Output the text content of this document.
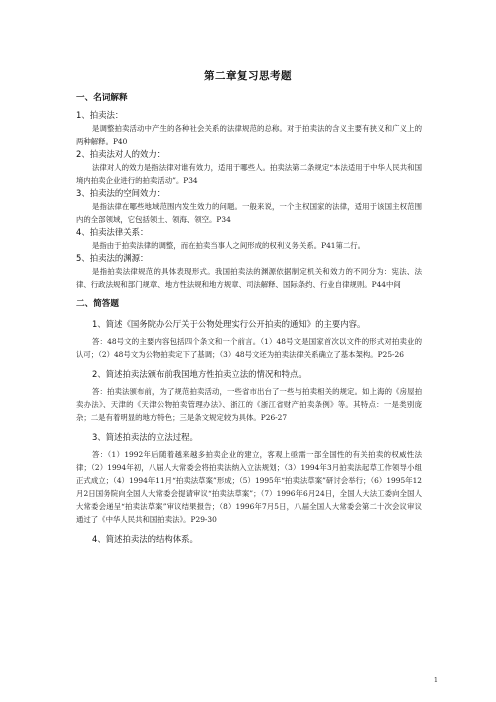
第二章复习思考题
一、名词解释
1、拍卖法：
是调整拍卖活动中产生的各种社会关系的法律规范的总称。对于拍卖法的含义主要有狭义和广义上的两种解释。P40
2、拍卖法对人的效力：
法律对人的效力是指法律对谁有效力，适用于哪些人。拍卖法第二条规定“本法适用于中华人民共和国境内拍卖企业进行的拍卖活动”。P34
3、拍卖法的空间效力：
是指法律在哪些地域范围内发生效力的问题。一般来说，一个主权国家的法律，适用于该国主权范围内的全部领域，它包括领土、领海、领空。P34
4、拍卖法律关系：
是指由于拍卖法律的调整，而在拍卖当事人之间形成的权利义务关系。P41第二行。
5、拍卖法的渊源：
是指拍卖法律规范的具体表现形式。我国拍卖法的渊源依据制定机关和效力的不同分为：宪法、法律、行政法规和部门规章、地方性法规和地方规章、司法解释、国际条约、行业自律规则。P44中间
二、简答题
1、简述《国务院办公厅关于公物处理实行公开拍卖的通知》的主要内容。
答：48号文的主要内容包括四个条文和一个前言。（1）48号文是国家首次以文件的形式对拍卖业的认可；（2）48号文为公物拍卖定下了基调；（3）48号文还为拍卖法律关系确立了基本架构。P25-26
2、简述拍卖法颁布前我国地方性拍卖立法的情况和特点。
答：拍卖法颁布前，为了规范拍卖活动，一些省市出台了一些与拍卖相关的规定。如上海的《房屋拍卖办法》、天津的《天津公物拍卖管理办法》、浙江的《浙江省财产拍卖条例》等。其特点：一是类别庞杂；二是有着明显的地方特色；三是条文规定较为具体。P26-27
3、简述拍卖法的立法过程。
答：（1）1992年后随着越来越多拍卖企业的建立，客观上亟需一部全国性的有关拍卖的权威性法律；（2）1994年初，八届人大常委会将拍卖法纳入立法规划；（3）1994年3月拍卖法起草工作领导小组正式成立；（4）1994年11月“拍卖法草案”形成；（5）1995年“拍卖法草案”研讨会举行；（6）1995年12月2日国务院向全国人大常委会提请审议“拍卖法草案”；（7）1996年6月24日，全国人大法工委向全国人大常委会递呈“拍卖法草案”审议结果报告；（8）1996年7月5日，八届全国人大常委会第二十次会议审议通过了《中华人民共和国拍卖法》。P29-30
4、简述拍卖法的结构体系。
1
